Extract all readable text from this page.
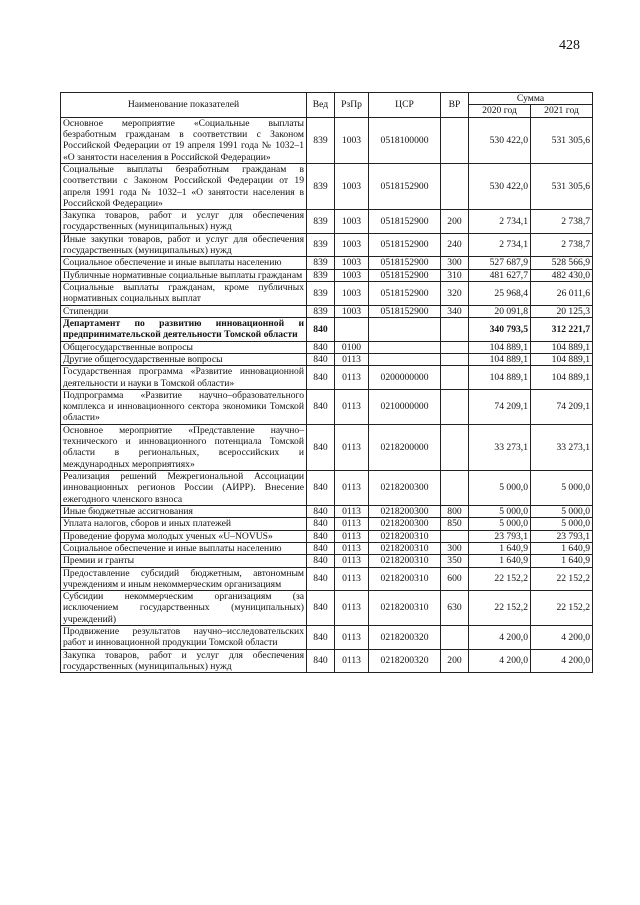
428
Наименование показателей	Вед	РзПр	ЦСР	ВР	Сумма	
					2020 год	2021 год
Основное мероприятие «Социальные выплаты безработным гражданам в соответствии с Законом Российской Федерации от 19 апреля 1991 года № 1032–1 «О занятости населения в Российской Федерации»	839	1003	0518100000		530 422,0	531 305,6
Социальные выплаты безработным гражданам в соответствии с Законом Российской Федерации от 19 апреля 1991 года № 1032–1 «О занятости населения в Российской Федерации»	839	1003	0518152900		530 422,0	531 305,6
Закупка товаров, работ и услуг для обеспечения государственных (муниципальных) нужд	839	1003	0518152900	200	2 734,1	2 738,7
Иные закупки товаров, работ и услуг для обеспечения государственных (муниципальных) нужд	839	1003	0518152900	240	2 734,1	2 738,7
Социальное обеспечение и иные выплаты населению	839	1003	0518152900	300	527 687,9	528 566,9
Публичные нормативные социальные выплаты гражданам	839	1003	0518152900	310	481 627,7	482 430,0
Социальные выплаты гражданам, кроме публичных нормативных социальных выплат	839	1003	0518152900	320	25 968,4	26 011,6
Стипендии	839	1003	0518152900	340	20 091,8	20 125,3
Департамент по развитию инновационной и предпринимательской деятельности Томской области	840				340 793,5	312 221,7
Общегосударственные вопросы	840	0100			104 889,1	104 889,1
Другие общегосударственные вопросы	840	0113			104 889,1	104 889,1
Государственная программа «Развитие инновационной деятельности и науки в Томской области»	840	0113	0200000000		104 889,1	104 889,1
Подпрограмма «Развитие научно–образовательного комплекса и инновационного сектора экономики Томской области»	840	0113	0210000000		74 209,1	74 209,1
Основное мероприятие «Представление научно–технического и инновационного потенциала Томской области в региональных, всероссийских и международных мероприятиях»	840	0113	0218200000		33 273,1	33 273,1
Реализация решений Межрегиональной Ассоциации инновационных регионов России (АИРР). Внесение ежегодного членского взноса	840	0113	0218200300		5 000,0	5 000,0
Иные бюджетные ассигнования	840	0113	0218200300	800	5 000,0	5 000,0
Уплата налогов, сборов и иных платежей	840	0113	0218200300	850	5 000,0	5 000,0
Проведение форума молодых ученых «U–NOVUS»	840	0113	0218200310		23 793,1	23 793,1
Социальное обеспечение и иные выплаты населению	840	0113	0218200310	300	1 640,9	1 640,9
Премии и гранты	840	0113	0218200310	350	1 640,9	1 640,9
Предоставление субсидий бюджетным, автономным учреждениям и иным некоммерческим организациям	840	0113	0218200310	600	22 152,2	22 152,2
Субсидии некоммерческим организациям (за исключением государственных (муниципальных) учреждений)	840	0113	0218200310	630	22 152,2	22 152,2
Продвижение результатов научно–исследовательских работ и инновационной продукции Томской области	840	0113	0218200320		4 200,0	4 200,0
Закупка товаров, работ и услуг для обеспечения государственных (муниципальных) нужд	840	0113	0218200320	200	4 200,0	4 200,0
